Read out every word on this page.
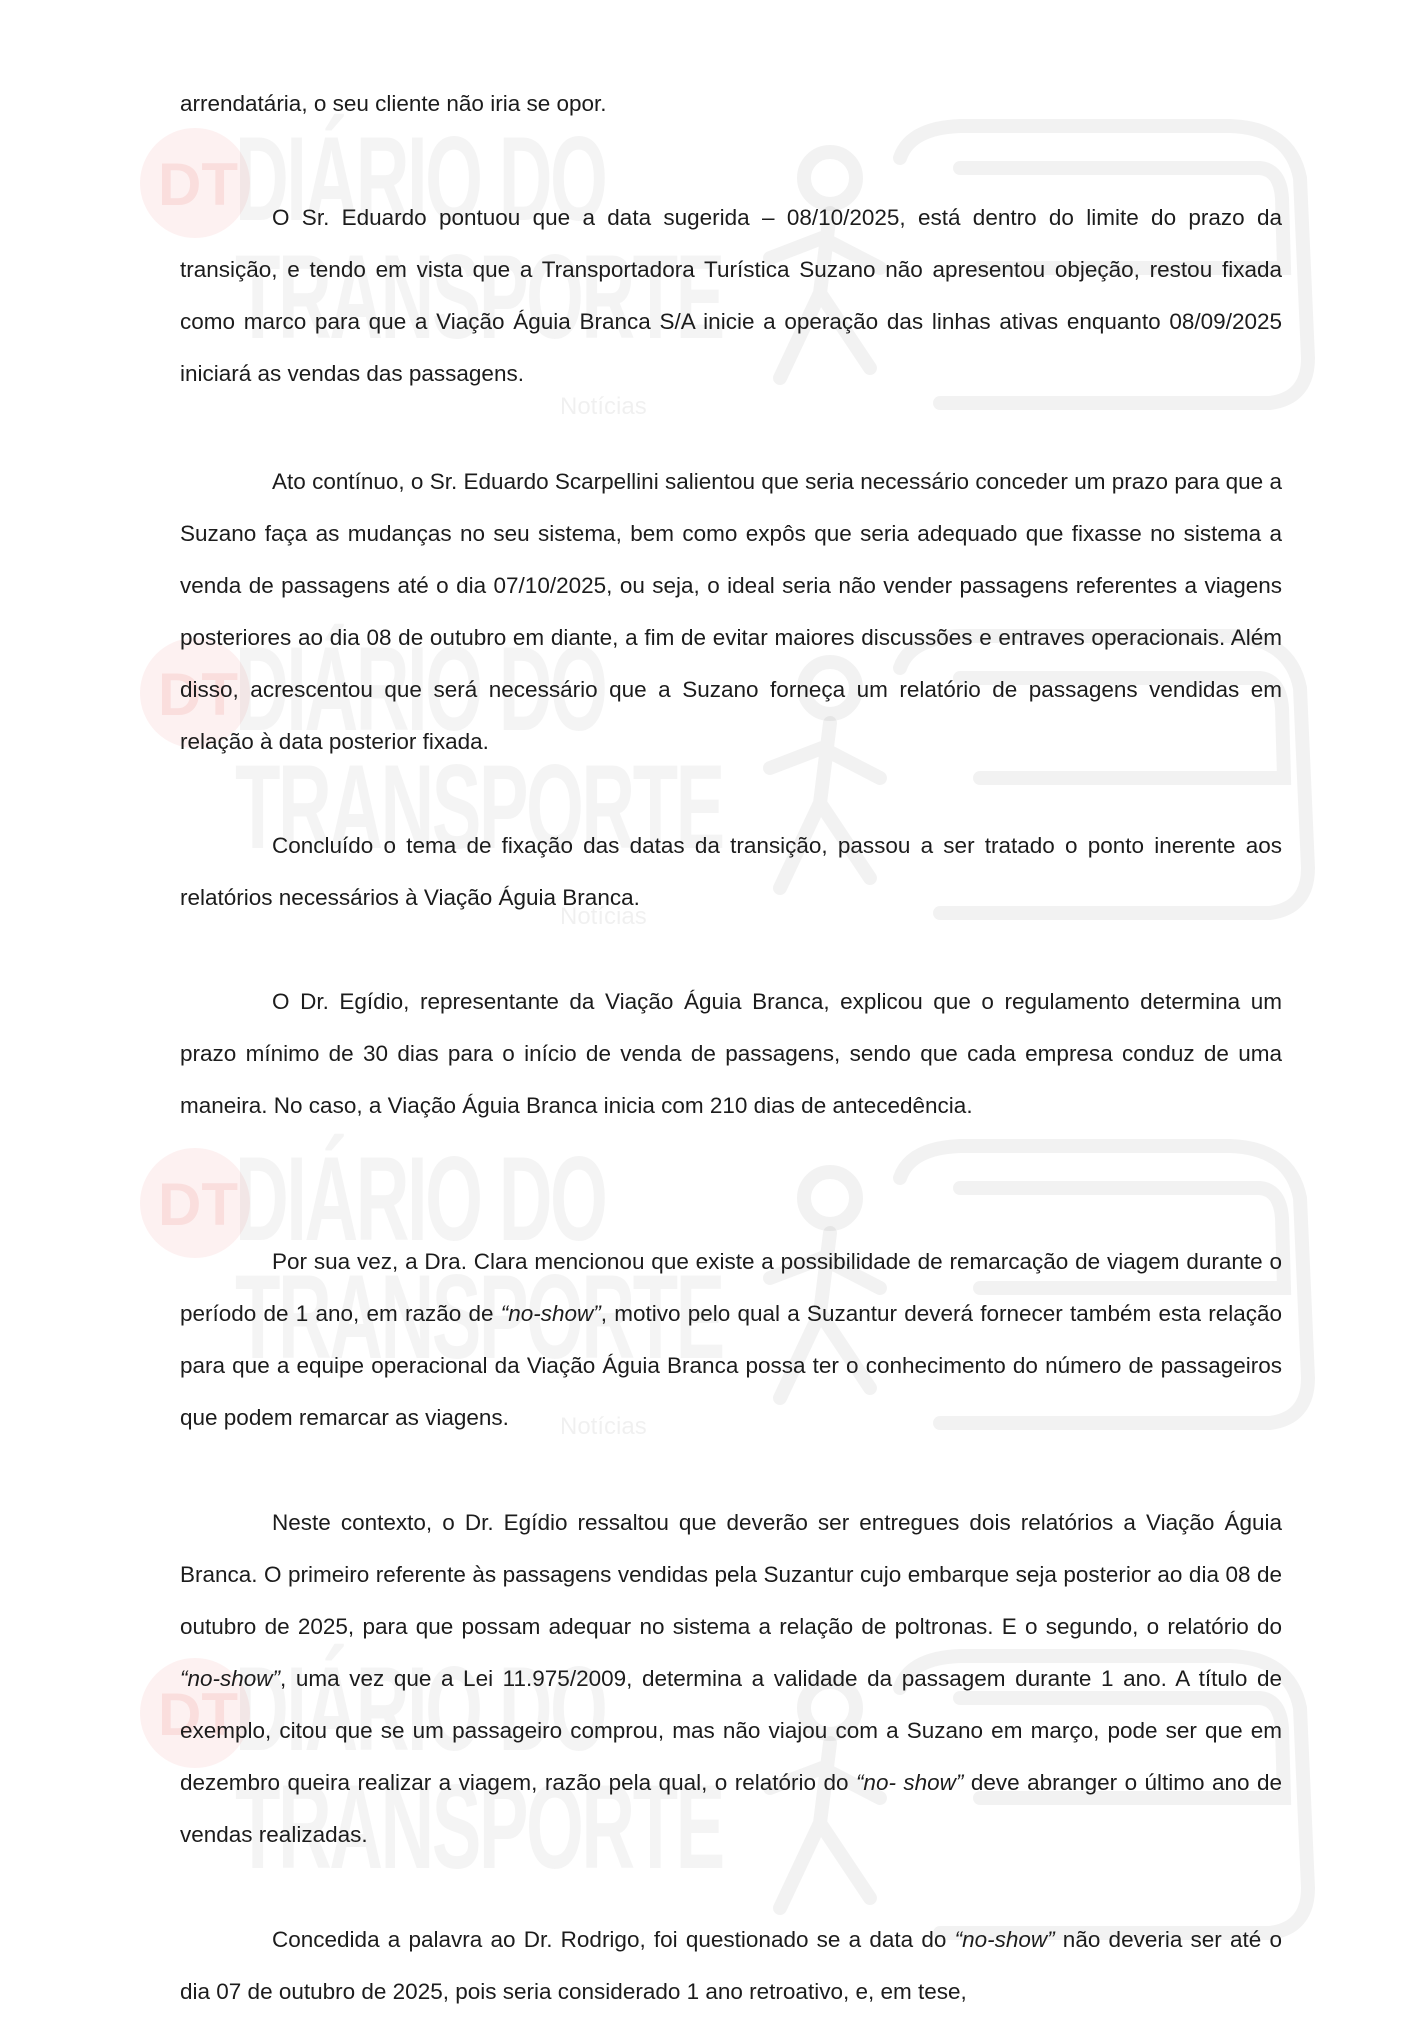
DT
Notícias
DT
Notícias
DT
Notícias
DT

arrendatária, o seu cliente não iria se opor.

O Sr. Eduardo pontuou que a data sugerida – 08/10/2025, está dentro do limite do prazo da transição, e tendo em vista que a Transportadora Turística Suzano não apresentou objeção, restou fixada como marco para que a Viação Águia Branca S/A inicie a operação das linhas ativas enquanto 08/09/2025 iniciará as vendas das passagens.

Ato contínuo, o Sr. Eduardo Scarpellini salientou que seria necessário conceder um prazo para que a Suzano faça as mudanças no seu sistema, bem como expôs que seria adequado que fixasse no sistema a venda de passagens até o dia 07/10/2025, ou seja, o ideal seria não vender passagens referentes a viagens posteriores ao dia 08 de outubro em diante, a fim de evitar maiores discussões e entraves operacionais. Além disso, acrescentou que será necessário que a Suzano forneça um relatório de passagens vendidas em relação à data posterior fixada.

Concluído o tema de fixação das datas da transição, passou a ser tratado o ponto inerente aos relatórios necessários à Viação Águia Branca.

O Dr. Egídio, representante da Viação Águia Branca, explicou que o regulamento determina um prazo mínimo de 30 dias para o início de venda de passagens, sendo que cada empresa conduz de uma maneira. No caso, a Viação Águia Branca inicia com 210 dias de antecedência.

Por sua vez, a Dra. Clara mencionou que existe a possibilidade de remarcação de viagem durante o período de 1 ano, em razão de “no-show”, motivo pelo qual a Suzantur deverá fornecer também esta relação para que a equipe operacional da Viação Águia Branca possa ter o conhecimento do número de passageiros que podem remarcar as viagens.

Neste contexto, o Dr. Egídio ressaltou que deverão ser entregues dois relatórios a Viação Águia Branca. O primeiro referente às passagens vendidas pela Suzantur cujo embarque seja posterior ao dia 08 de outubro de 2025, para que possam adequar no sistema a relação de poltronas. E o segundo, o relatório do “no-show”, uma vez que a Lei 11.975/2009, determina a validade da passagem durante 1 ano. A título de exemplo, citou que se um passageiro comprou, mas não viajou com a Suzano em março, pode ser que em dezembro queira realizar a viagem, razão pela qual, o relatório do “no- show” deve abranger o último ano de vendas realizadas.

Concedida a palavra ao Dr. Rodrigo, foi questionado se a data do “no-show” não deveria ser até o dia 07 de outubro de 2025, pois seria considerado 1 ano retroativo, e, em tese,
